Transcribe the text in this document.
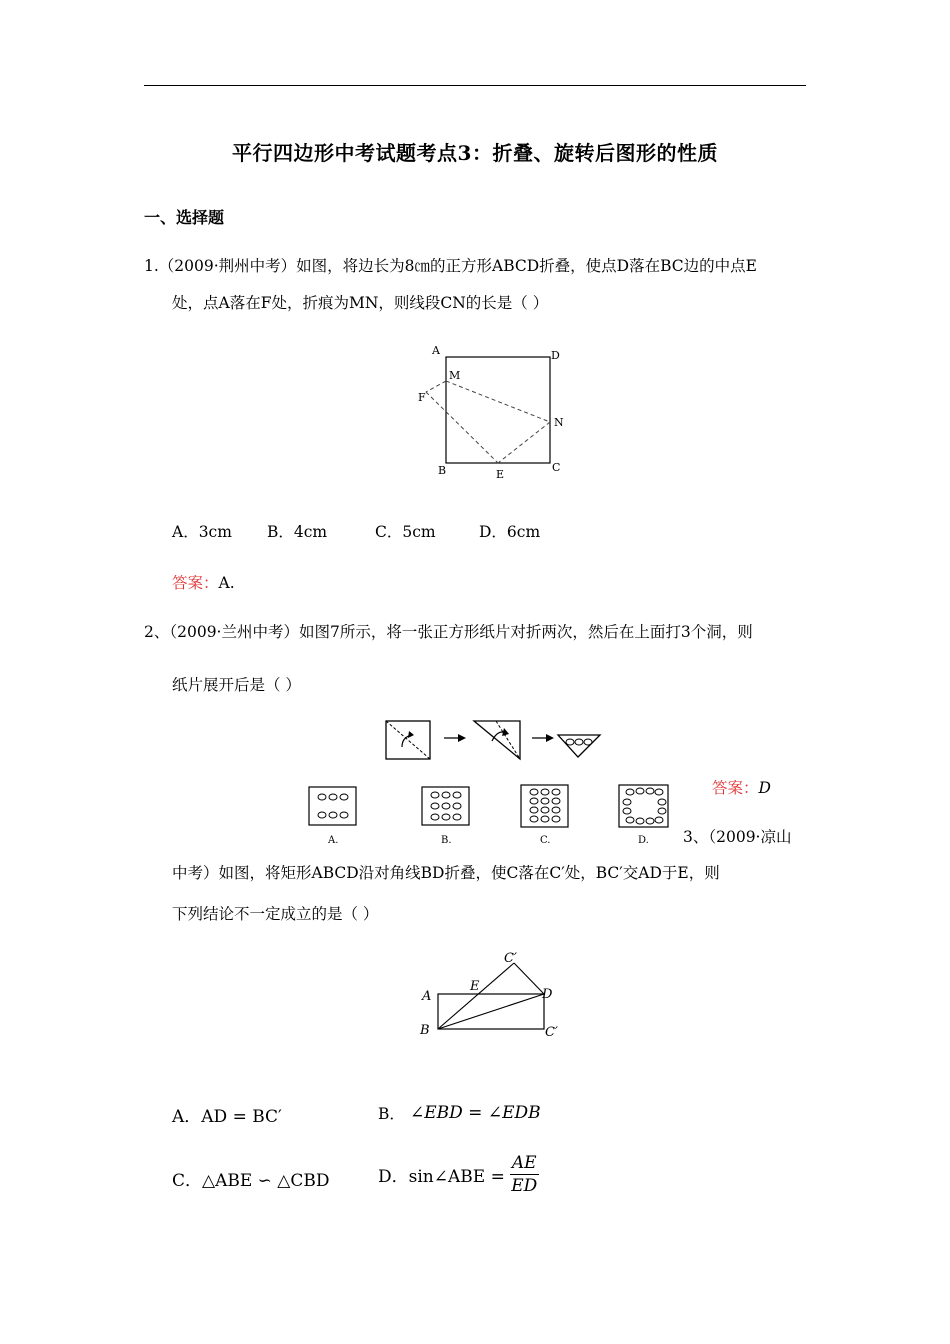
平行四边形中考试题考点3：折叠、旋转后图形的性质
一、选择题
1.（2009·荆州中考）如图，将边长为8㎝的正方形ABCD折叠，使点D落在BC边的中点E
处，点A落在F处，折痕为MN，则线段CN的长是（ ）
A	D
M
F
N
B	E
C
A．3cm B．4cm	C．5cm	D．6cm
答案：A.
2、（2009·兰州中考）如图7所示，将一张正方形纸片对折两次，然后在上面打3个洞，则
纸片展开后是（ ）
答案：D
A.	B.	C.	D. 3、（2009·凉山
中考）如图，将矩形ABCD沿对角线BD折叠，使C落在C′处，BC′交AD于E，则
下列结论不一定成立的是（ ）
C′
A
E
D
B	C′
A．AD = BC′	B． ∠EBD = ∠EDB
C．△ABE ∽ △CBD	D．sin∠ABE = $\frac{AE}{ED}$
